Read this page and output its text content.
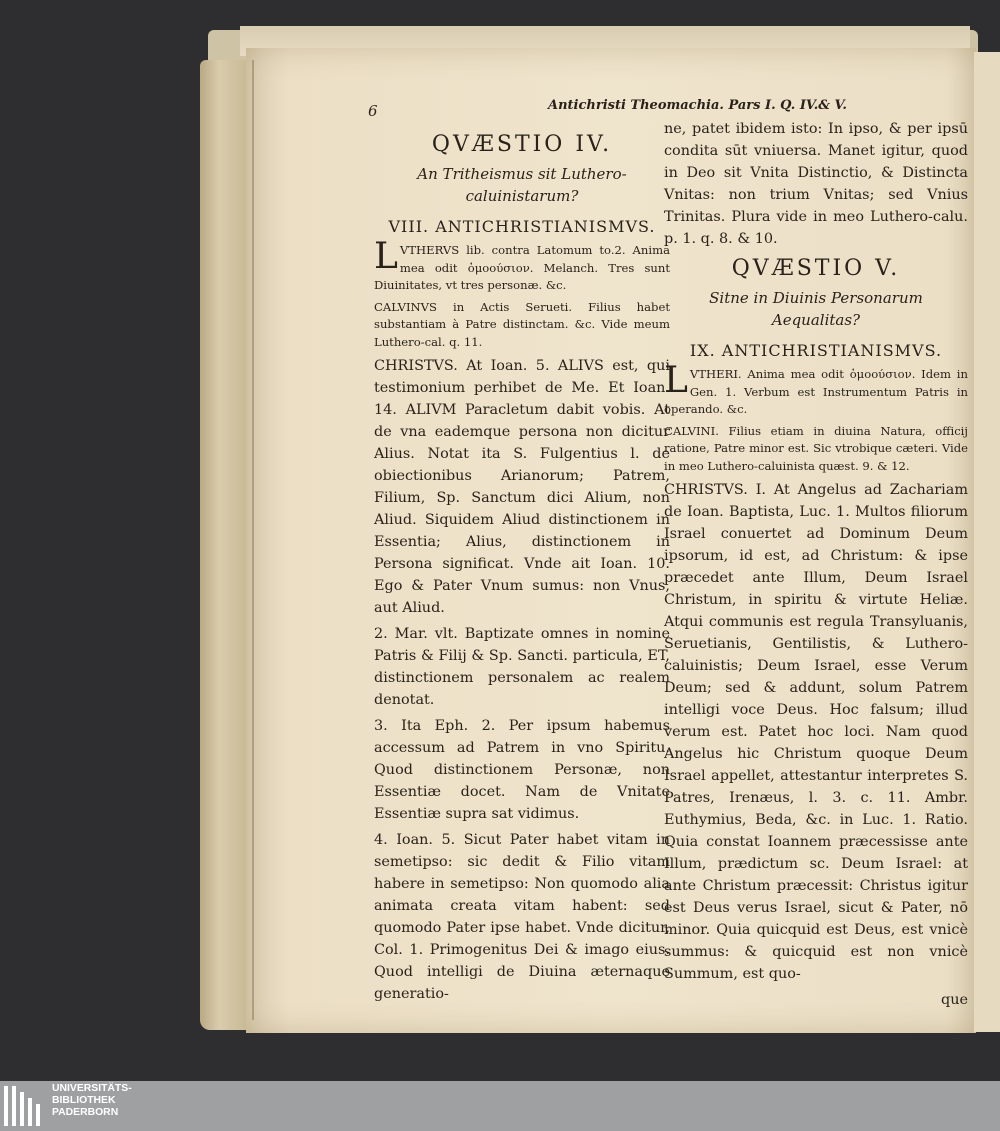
6	Antichristi Theomachia. Pars I. Q. IV.& V.
QVÆSTIO IV.
An Tritheismus sit Luthero-caluinistarum?
VIII. ANTICHRISTIANISMVS.

LVTHERVS lib. contra Latomum to.2. Anima mea odit ὁμοούσιον. Melanch. Tres sunt Diuinitates, vt tres personæ. &c.

CALVINVS in Actis Serueti. Filius habet substantiam à Patre distinctam. &c. Vide meum Luthero-cal. q. 11.

CHRISTVS. At Ioan. 5. ALIVS est, qui testimonium perhibet de Me. Et Ioan. 14. ALIVM Paracletum dabit vobis. At de vna eademque persona non dicitur Alius. Notat ita S. Fulgentius l. de obiectionibus Arianorum; Patrem, Filium, Sp. Sanctum dici Alium, non Aliud. Siquidem Aliud distinctionem in Essentia; Alius, distinctionem in Persona significat. Vnde ait Ioan. 10. Ego & Pater Vnum sumus: non Vnus, aut Aliud.

2. Mar. vlt. Baptizate omnes in nomine Patris & Filij & Sp. Sancti. particula, ET, distinctionem personalem ac realem denotat.

3. Ita Eph. 2. Per ipsum habemus accessum ad Patrem in vno Spiritu. Quod distinctionem Personæ, non Essentiæ docet. Nam de Vnitate Essentiæ supra sat vidimus.

4. Ioan. 5. Sicut Pater habet vitam in semetipso: sic dedit & Filio vitam habere in semetipso: Non quomodo alia animata creata vitam habent: sed quomodo Pater ipse habet. Vnde dicitur, Col. 1. Primogenitus Dei & imago eius. Quod intelligi de Diuina æternaque generatio-

ne, patet ibidem isto: In ipso, & per ipsū condita sūt vniuersa. Manet igitur, quod in Deo sit Vnita Distinctio, & Distincta Vnitas: non trium Vnitas; sed Vnius Trinitas. Plura vide in meo Luthero-calu. p. 1. q. 8. & 10.

QVÆSTIO V.
Sitne in Diuinis Personarum Aequalitas?
IX. ANTICHRISTIANISMVS.

LVTHERI. Anima mea odit ὁμοούσιον. Idem in Gen. 1. Verbum est Instrumentum Patris in operando. &c.

CALVINI. Filius etiam in diuina Natura, officij ratione, Patre minor est. Sic vtrobique cæteri. Vide in meo Luthero-caluinista quæst. 9. & 12.

CHRISTVS. I. At Angelus ad Zachariam de Ioan. Baptista, Luc. 1. Multos filiorum Israel conuertet ad Dominum Deum ipsorum, id est, ad Christum: & ipse præcedet ante Illum, Deum Israel Christum, in spiritu & virtute Heliæ. Atqui communis est regula Transyluanis, Seruetianis, Gentilistis, & Luthero-caluinistis; Deum Israel, esse Verum Deum; sed & addunt, solum Patrem intelligi voce Deus. Hoc falsum; illud verum est. Patet hoc loci. Nam quod Angelus hic Christum quoque Deum Israel appellet, attestantur interpretes S. Patres, Irenæus, l. 3. c. 11. Ambr. Euthymius, Beda, &c. in Luc. 1. Ratio. Quia constat Ioannem præcessisse ante Illum, prædictum sc. Deum Israel: at ante Christum præcessit: Christus igitur est Deus verus Israel, sicut & Pater, nō minor. Quia quicquid est Deus, est vnicè summus: & quicquid est non vnicè Summum, est quo-

que

UNIVERSITÄTS-
BIBLIOTHEK
PADERBORN
